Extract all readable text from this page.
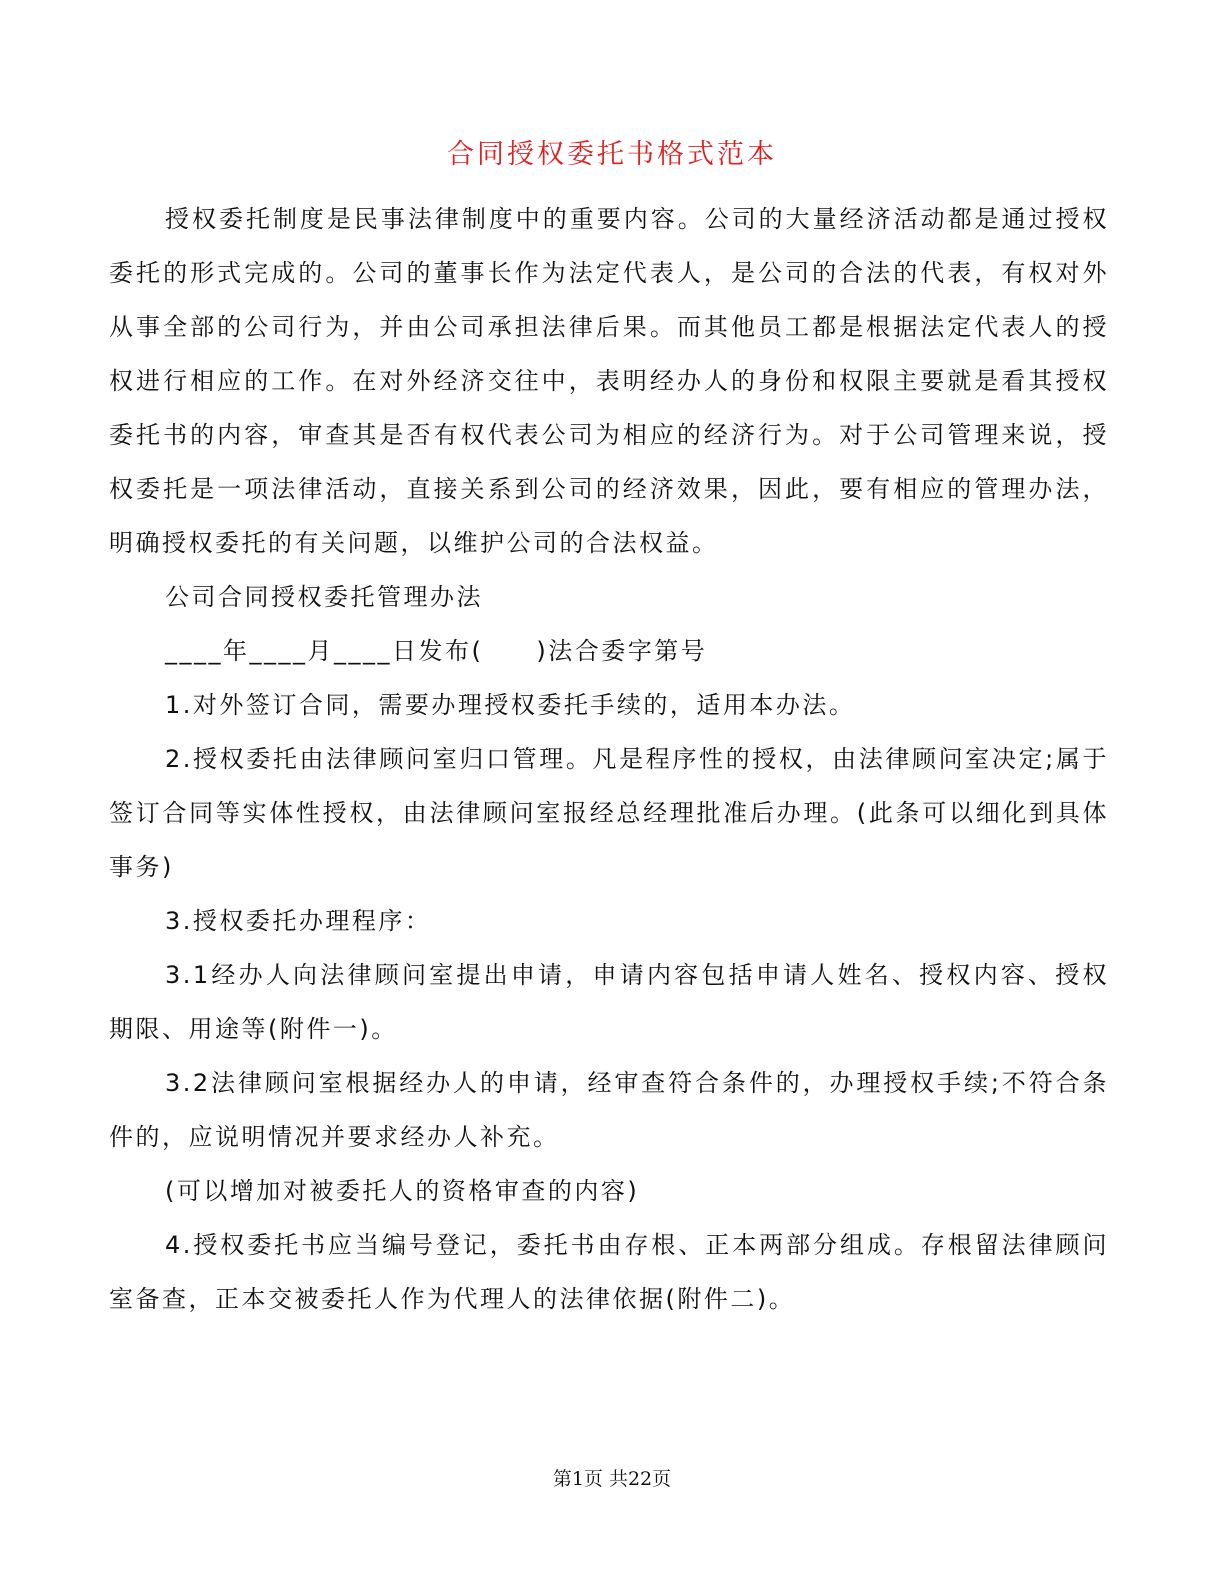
合同授权委托书格式范本

授权委托制度是民事法律制度中的重要内容。公司的大量经济活动都是通过授权委托的形式完成的。公司的董事长作为法定代表人，是公司的合法的代表，有权对外从事全部的公司行为，并由公司承担法律后果。而其他员工都是根据法定代表人的授权进行相应的工作。在对外经济交往中，表明经办人的身份和权限主要就是看其授权委托书的内容，审查其是否有权代表公司为相应的经济行为。对于公司管理来说，授权委托是一项法律活动，直接关系到公司的经济效果，因此，要有相应的管理办法，明确授权委托的有关问题，以维护公司的合法权益。

公司合同授权委托管理办法

____年____月____日发布(　　)法合委字第号

1.对外签订合同，需要办理授权委托手续的，适用本办法。

2.授权委托由法律顾问室归口管理。凡是程序性的授权，由法律顾问室决定;属于签订合同等实体性授权，由法律顾问室报经总经理批准后办理。(此条可以细化到具体事务)

3.授权委托办理程序：

3.1经办人向法律顾问室提出申请，申请内容包括申请人姓名、授权内容、授权期限、用途等(附件一)。

3.2法律顾问室根据经办人的申请，经审查符合条件的，办理授权手续;不符合条件的，应说明情况并要求经办人补充。

(可以增加对被委托人的资格审查的内容)

4.授权委托书应当编号登记，委托书由存根、正本两部分组成。存根留法律顾问室备查，正本交被委托人作为代理人的法律依据(附件二)。

第1页 共22页
